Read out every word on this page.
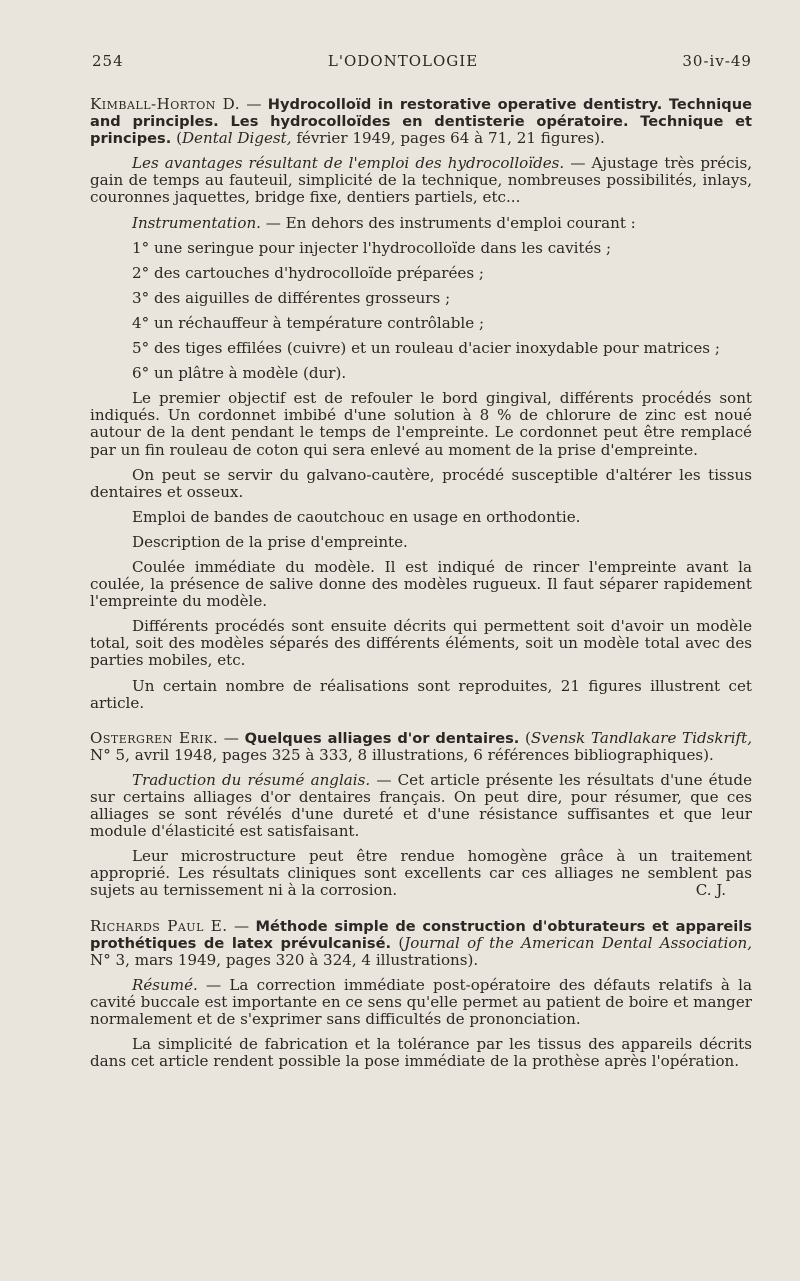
254	L'ODONTOLOGIE	30-iv-49

Kimball-Horton D. — Hydrocolloïd in restorative operative dentistry. Technique and principles. Les hydrocolloïdes en dentisterie opératoire. Technique et principes. (Dental Digest, février 1949, pages 64 à 71, 21 figures).

Les avantages résultant de l'emploi des hydrocolloïdes. — Ajustage très précis, gain de temps au fauteuil, simplicité de la technique, nombreuses possibilités, inlays, couronnes jaquettes, bridge fixe, dentiers partiels, etc...

Instrumentation. — En dehors des instruments d'emploi courant :

1° une seringue pour injecter l'hydrocolloïde dans les cavités ;

2° des cartouches d'hydrocolloïde préparées ;

3° des aiguilles de différentes grosseurs ;

4° un réchauffeur à température contrôlable ;

5° des tiges effilées (cuivre) et un rouleau d'acier inoxydable pour matrices ;

6° un plâtre à modèle (dur).

Le premier objectif est de refouler le bord gingival, différents procédés sont indiqués. Un cordonnet imbibé d'une solution à 8 % de chlorure de zinc est noué autour de la dent pendant le temps de l'empreinte. Le cordonnet peut être remplacé par un fin rouleau de coton qui sera enlevé au moment de la prise d'empreinte.

On peut se servir du galvano-cautère, procédé susceptible d'altérer les tissus dentaires et osseux.

Emploi de bandes de caoutchouc en usage en orthodontie.

Description de la prise d'empreinte.

Coulée immédiate du modèle. Il est indiqué de rincer l'empreinte avant la coulée, la présence de salive donne des modèles rugueux. Il faut séparer rapidement l'empreinte du modèle.

Différents procédés sont ensuite décrits qui permettent soit d'avoir un modèle total, soit des modèles séparés des différents éléments, soit un modèle total avec des parties mobiles, etc.

Un certain nombre de réalisations sont reproduites, 21 figures illustrent cet article.

Ostergren Erik. — Quelques alliages d'or dentaires. (Svensk Tandlakare Tidskrift, N° 5, avril 1948, pages 325 à 333, 8 illustrations, 6 références bibliographiques).

Traduction du résumé anglais. — Cet article présente les résultats d'une étude sur certains alliages d'or dentaires français. On peut dire, pour résumer, que ces alliages se sont révélés d'une dureté et d'une résistance suffisantes et que leur module d'élasticité est satisfaisant.

Leur microstructure peut être rendue homogène grâce à un traitement approprié. Les résultats cliniques sont excellents car ces alliages ne semblent pas sujets au ternissement ni à la corrosion.	C. J.

Richards Paul E. — Méthode simple de construction d'obturateurs et appareils prothétiques de latex prévulcanisé. (Journal of the American Dental Association, N° 3, mars 1949, pages 320 à 324, 4 illustrations).

Résumé. — La correction immédiate post-opératoire des défauts relatifs à la cavité buccale est importante en ce sens qu'elle permet au patient de boire et manger normalement et de s'exprimer sans difficultés de prononciation.

La simplicité de fabrication et la tolérance par les tissus des appareils décrits dans cet article rendent possible la pose immédiate de la prothèse après l'opération.
